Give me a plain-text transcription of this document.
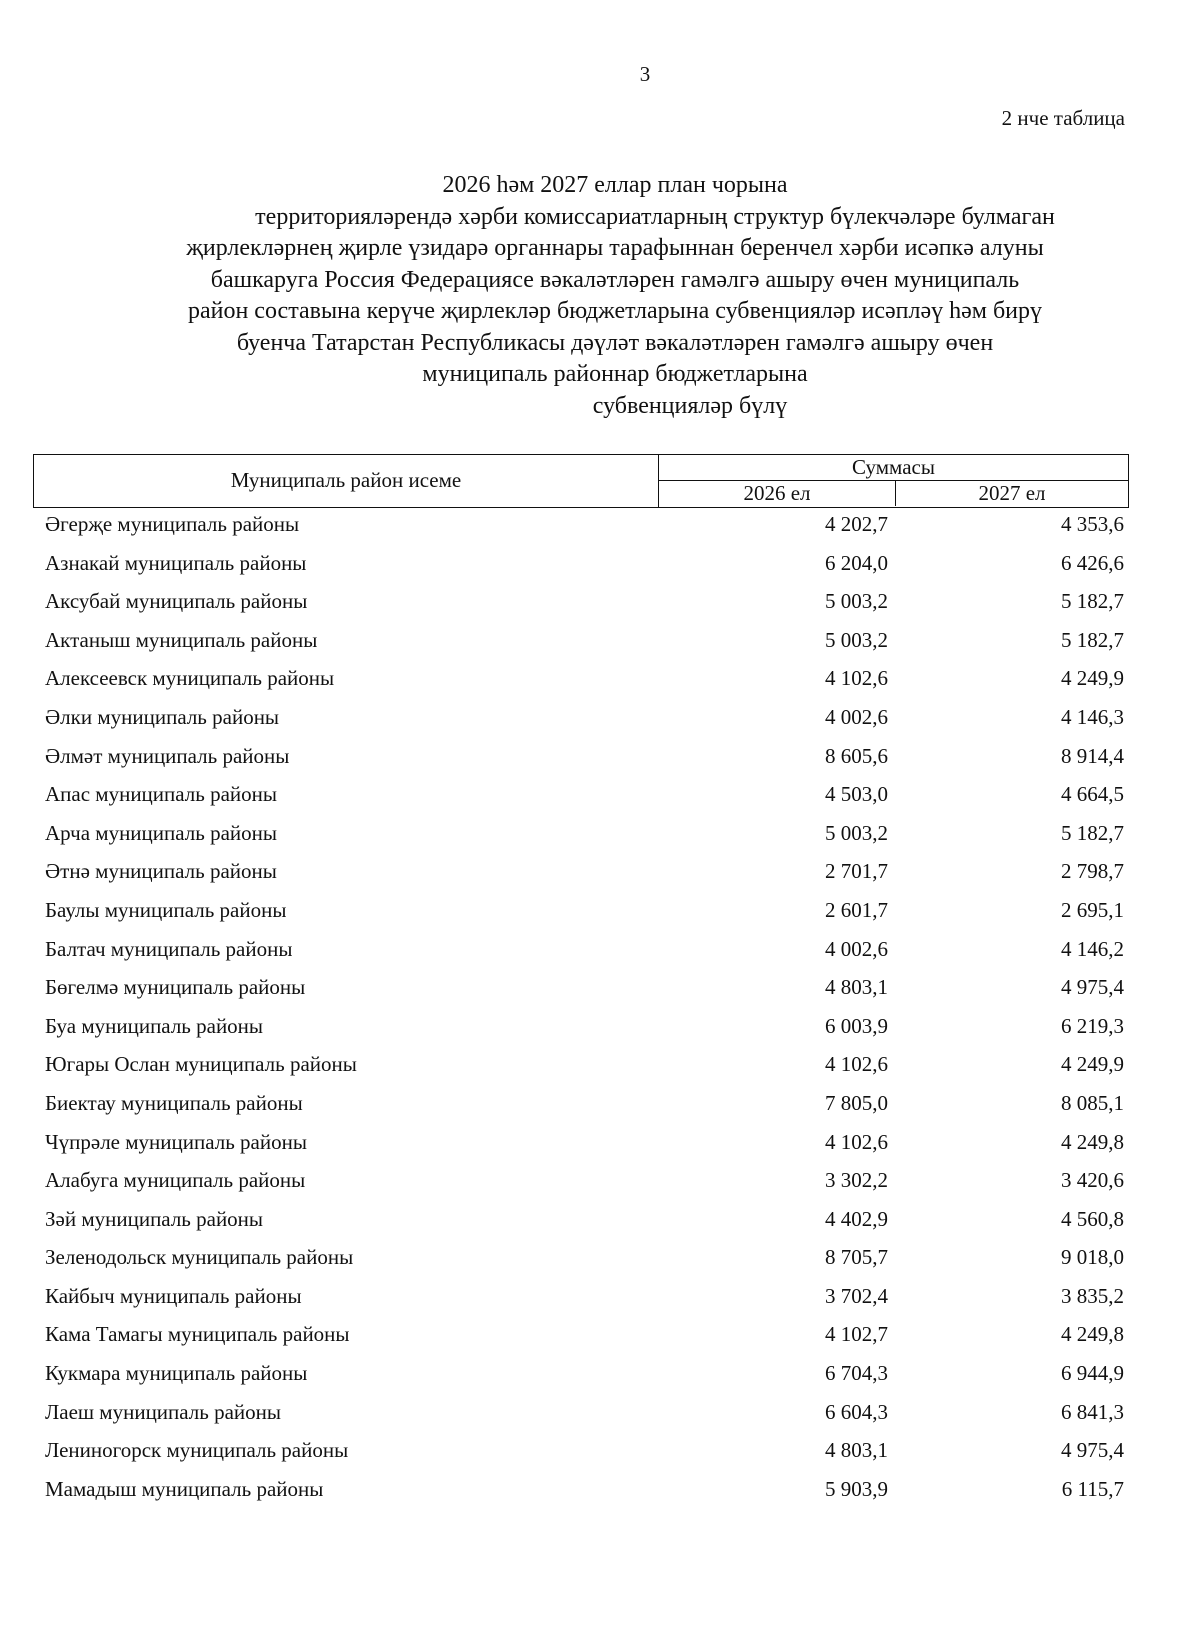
3
2 нче таблица
2026 һәм 2027 еллар план чорына
территорияләрендә хәрби комиссариатларның структур бүлекчәләре булмаган
җирлекләрнең җирле үзидарә органнары тарафыннан беренчел хәрби исәпкә алуны
башкаруга Россия Федерациясе вәкаләтләрен гамәлгә ашыру өчен муниципаль
район составына керүче җирлекләр бюджетларына субвенцияләр исәпләү һәм бирү
буенча Татарстан Республикасы дәүләт вәкаләтләрен гамәлгә ашыру өчен
муниципаль районнар бюджетларына
субвенцияләр бүлү
Муниципаль район исеме
Суммасы
2026 ел	2027 ел
Әгерҗе муниципаль районы	4 202,7	4 353,6
Азнакай муниципаль районы	6 204,0	6 426,6
Аксубай муниципаль районы	5 003,2	5 182,7
Актаныш муниципаль районы	5 003,2	5 182,7
Алексеевск муниципаль районы	4 102,6	4 249,9
Әлки муниципаль районы	4 002,6	4 146,3
Әлмәт муниципаль районы	8 605,6	8 914,4
Апас муниципаль районы	4 503,0	4 664,5
Арча муниципаль районы	5 003,2	5 182,7
Әтнә муниципаль районы	2 701,7	2 798,7
Баулы муниципаль районы	2 601,7	2 695,1
Балтач муниципаль районы	4 002,6	4 146,2
Бөгелмә муниципаль районы	4 803,1	4 975,4
Буа муниципаль районы	6 003,9	6 219,3
Югары Ослан муниципаль районы	4 102,6	4 249,9
Биектау муниципаль районы	7 805,0	8 085,1
Чүпрәле муниципаль районы	4 102,6	4 249,8
Алабуга муниципаль районы	3 302,2	3 420,6
Зәй муниципаль районы	4 402,9	4 560,8
Зеленодольск муниципаль районы	8 705,7	9 018,0
Кайбыч муниципаль районы	3 702,4	3 835,2
Кама Тамагы муниципаль районы	4 102,7	4 249,8
Кукмара муниципаль районы	6 704,3	6 944,9
Лаеш муниципаль районы	6 604,3	6 841,3
Лениногорск муниципаль районы	4 803,1	4 975,4
Мамадыш муниципаль районы	5 903,9	6 115,7
